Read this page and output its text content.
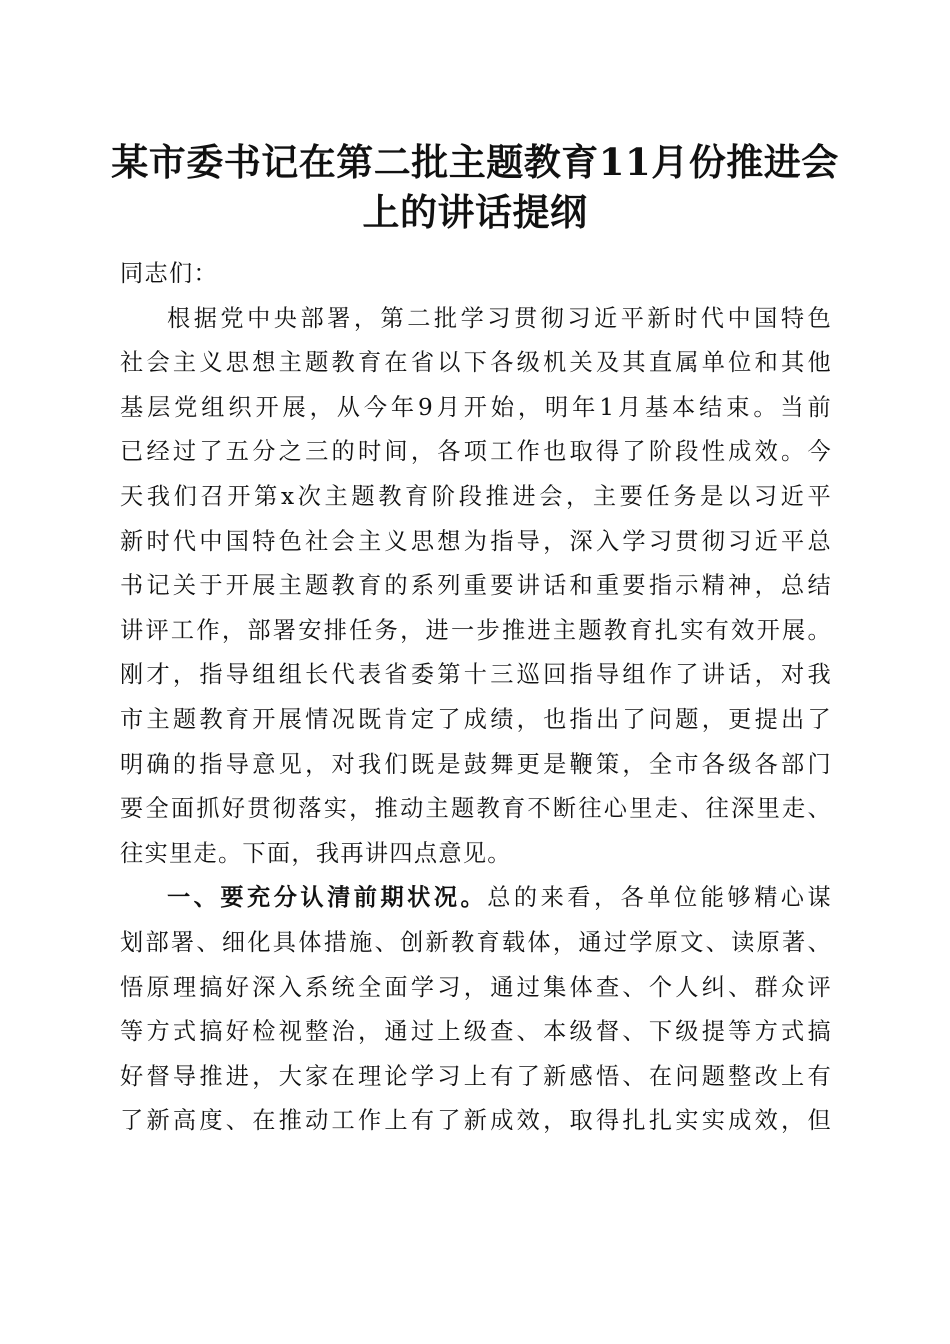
某市委书记在第二批主题教育11月份推进会
上的讲话提纲

同志们：

根据党中央部署，第二批学习贯彻习近平新时代中国特色
社会主义思想主题教育在省以下各级机关及其直属单位和其他
基层党组织开展，从今年9月开始，明年1月基本结束。当前
已经过了五分之三的时间，各项工作也取得了阶段性成效。今
天我们召开第x次主题教育阶段推进会，主要任务是以习近平
新时代中国特色社会主义思想为指导，深入学习贯彻习近平总
书记关于开展主题教育的系列重要讲话和重要指示精神，总结
讲评工作，部署安排任务，进一步推进主题教育扎实有效开展。
刚才，指导组组长代表省委第十三巡回指导组作了讲话，对我
市主题教育开展情况既肯定了成绩，也指出了问题，更提出了
明确的指导意见，对我们既是鼓舞更是鞭策，全市各级各部门
要全面抓好贯彻落实，推动主题教育不断往心里走、往深里走、
往实里走。下面，我再讲四点意见。

一、要充分认清前期状况。总的来看，各单位能够精心谋
划部署、细化具体措施、创新教育载体，通过学原文、读原著、
悟原理搞好深入系统全面学习，通过集体查、个人纠、群众评
等方式搞好检视整治，通过上级查、本级督、下级提等方式搞
好督导推进，大家在理论学习上有了新感悟、在问题整改上有
了新高度、在推动工作上有了新成效，取得扎扎实实成效，但
